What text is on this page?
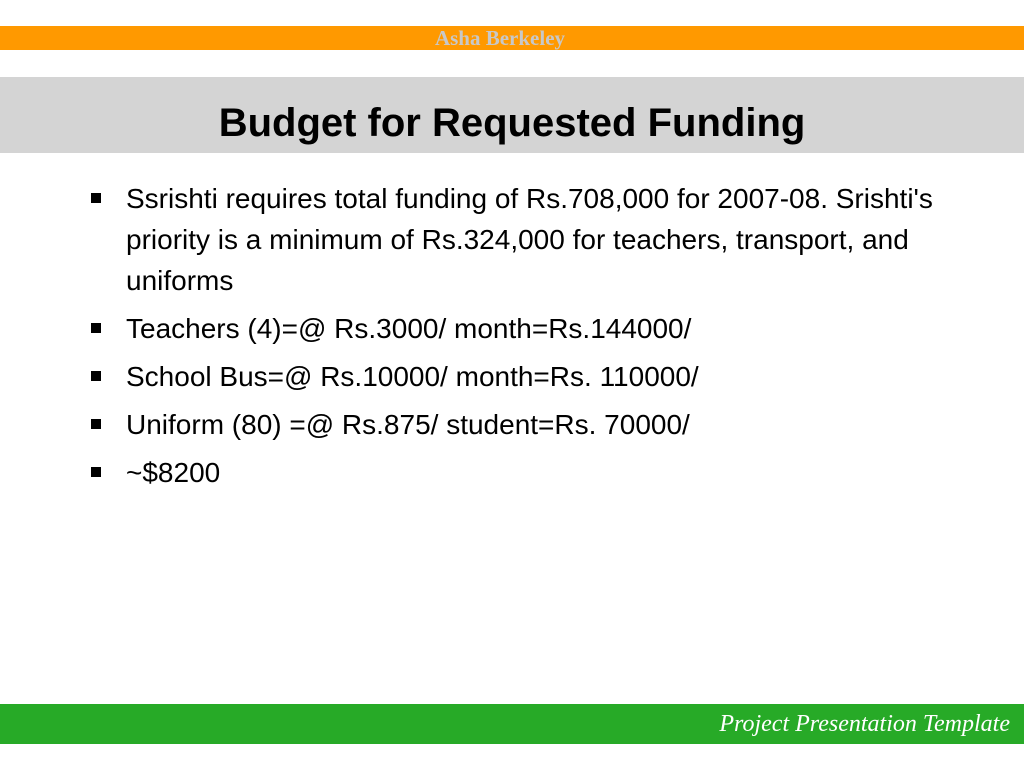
Asha Berkeley
Budget for Requested Funding
Ssrishti requires total funding of Rs.708,000 for 2007-08. Srishti's priority is a minimum of Rs.324,000 for teachers, transport, and uniforms
Teachers (4)=@ Rs.3000/ month=Rs.144000/
School Bus=@ Rs.10000/ month=Rs. 110000/
Uniform (80) =@ Rs.875/ student=Rs. 70000/
~$8200
Project Presentation Template
